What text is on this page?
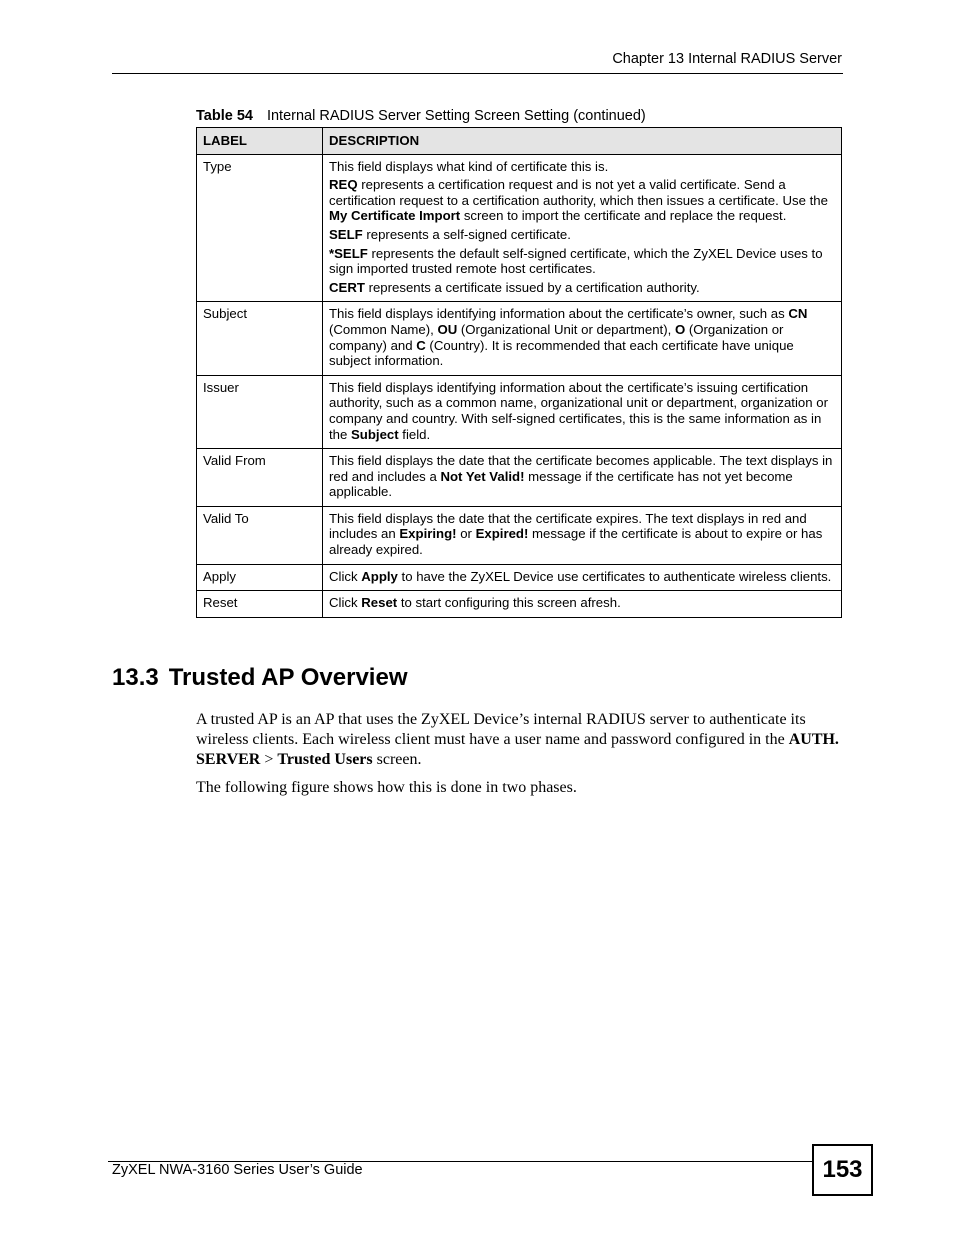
Chapter 13 Internal RADIUS Server
Table 54 Internal RADIUS Server Setting Screen Setting (continued)
LABEL	DESCRIPTION
Type	This field displays what kind of certificate this is.

REQ represents a certification request and is not yet a valid certificate. Send a certification request to a certification authority, which then issues a certificate. Use the My Certificate Import screen to import the certificate and replace the request.

SELF represents a self-signed certificate.

*SELF represents the default self-signed certificate, which the ZyXEL Device uses to sign imported trusted remote host certificates.

CERT represents a certificate issued by a certification authority.

Subject	This field displays identifying information about the certificate’s owner, such as CN (Common Name), OU (Organizational Unit or department), O (Organization or company) and C (Country). It is recommended that each certificate have unique subject information.
Issuer	This field displays identifying information about the certificate’s issuing certification authority, such as a common name, organizational unit or department, organization or company and country. With self-signed certificates, this is the same information as in the Subject field.
Valid From	This field displays the date that the certificate becomes applicable. The text displays in red and includes a Not Yet Valid! message if the certificate has not yet become applicable.
Valid To	This field displays the date that the certificate expires. The text displays in red and includes an Expiring! or Expired! message if the certificate is about to expire or has already expired.
Apply	Click Apply to have the ZyXEL Device use certificates to authenticate wireless clients.
Reset	Click Reset to start configuring this screen afresh.
13.3 Trusted AP Overview
A trusted AP is an AP that uses the ZyXEL Device’s internal RADIUS server to authenticate its wireless clients. Each wireless client must have a user name and password configured in the AUTH. SERVER > Trusted Users screen.
The following figure shows how this is done in two phases.
ZyXEL NWA-3160 Series User’s Guide	153
